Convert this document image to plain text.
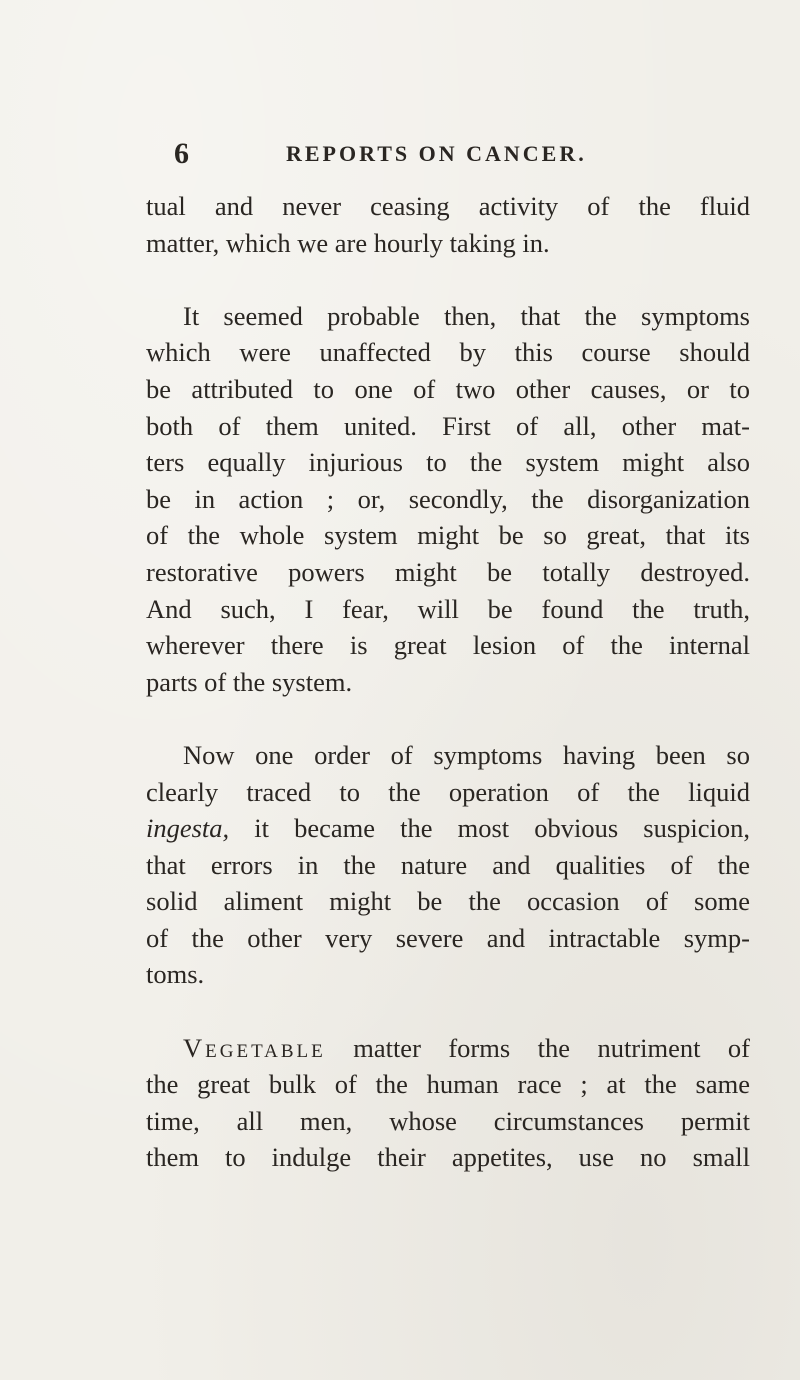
6	REPORTS ON CANCER.
tual and never ceasing activity of the fluid
matter, which we are hourly taking in.
It seemed probable then, that the symptoms
which were unaffected by this course should
be attributed to one of two other causes, or to
both of them united. First of all, other mat-
ters equally injurious to the system might also
be in action ; or, secondly, the disorganization
of the whole system might be so great, that its
restorative powers might be totally destroyed.
And such, I fear, will be found the truth,
wherever there is great lesion of the internal
parts of the system.
Now one order of symptoms having been so
clearly traced to the operation of the liquid
ingesta, it became the most obvious suspicion,
that errors in the nature and qualities of the
solid aliment might be the occasion of some
of the other very severe and intractable symp-
toms.
Vegetable matter forms the nutriment of
the great bulk of the human race ; at the same
time, all men, whose circumstances permit
them to indulge their appetites, use no small
